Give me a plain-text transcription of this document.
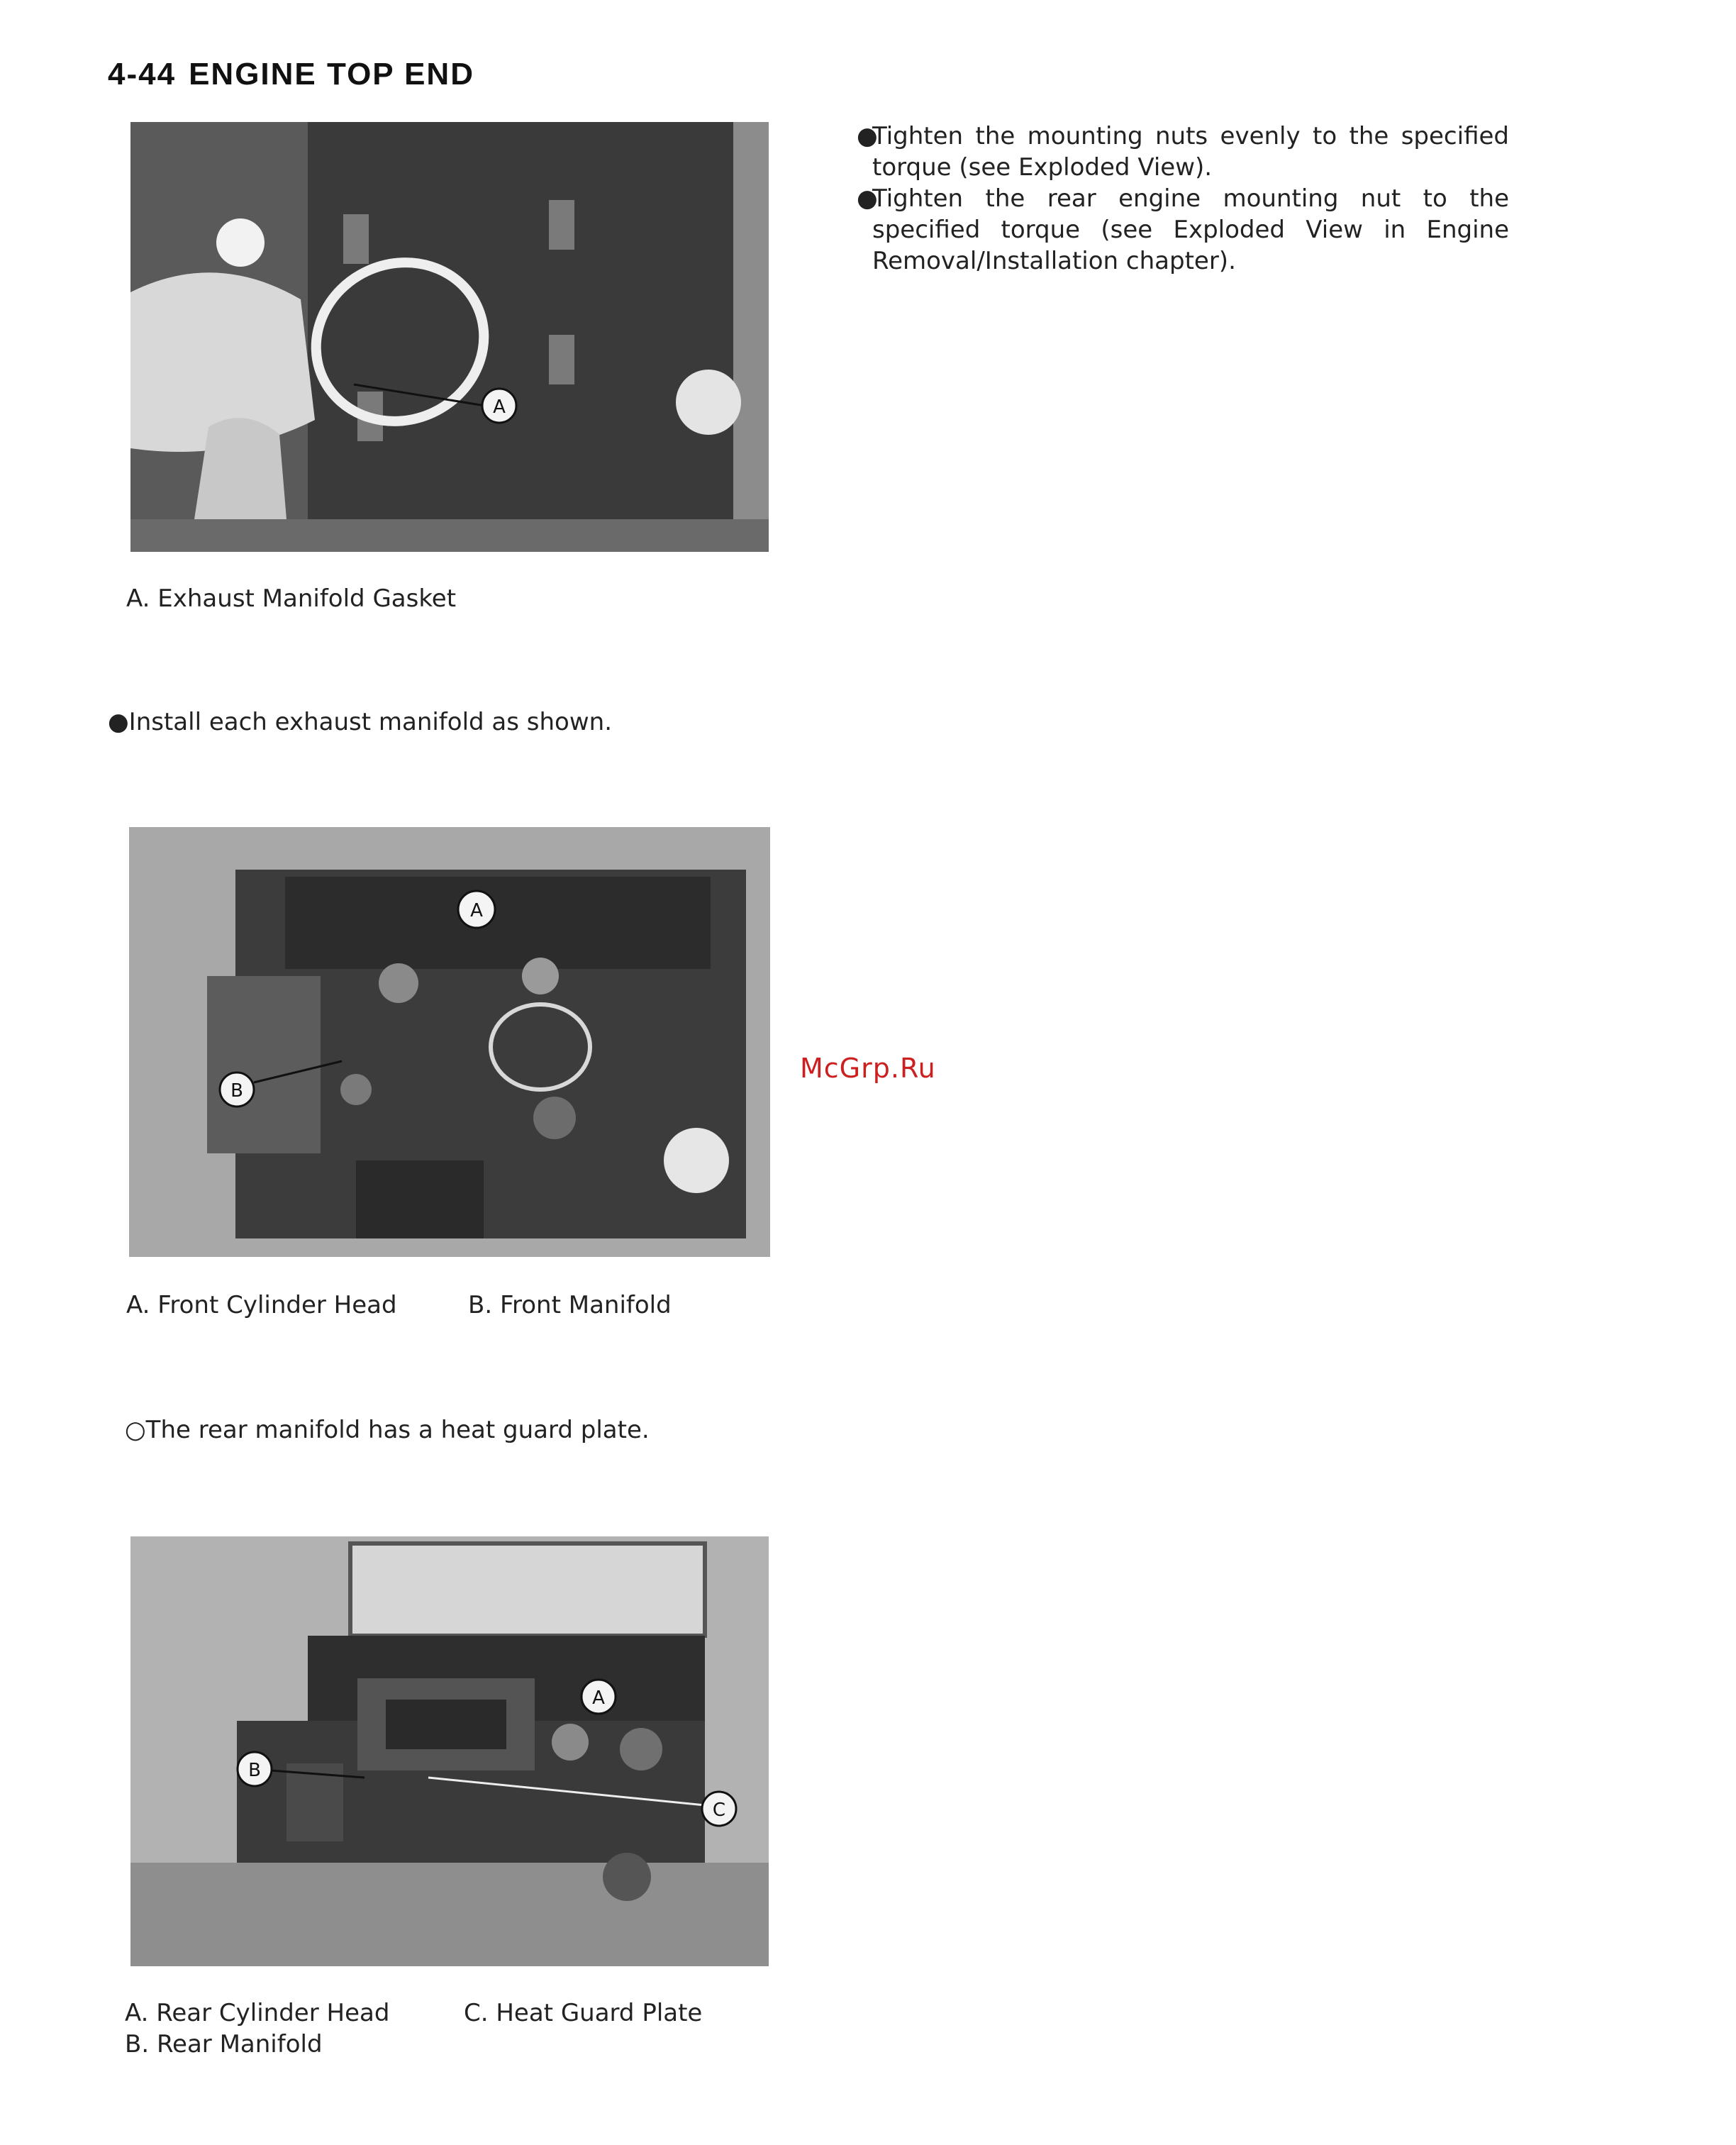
4-44 ENGINE TOP END
●
Tighten the mounting nuts evenly to the specified torque (see Exploded View).
●
Tighten the rear engine mounting nut to the specified torque (see Exploded View in Engine Removal/Installation chapter).
A
A. Exhaust Manifold Gasket
●Install each exhaust manifold as shown.
B
A
A. Front Cylinder Head	B. Front Manifold
○The rear manifold has a heat guard plate.
B
C
A
A. Rear Cylinder Head
B. Rear Manifold
C. Heat Guard Plate
McGrp.Ru
